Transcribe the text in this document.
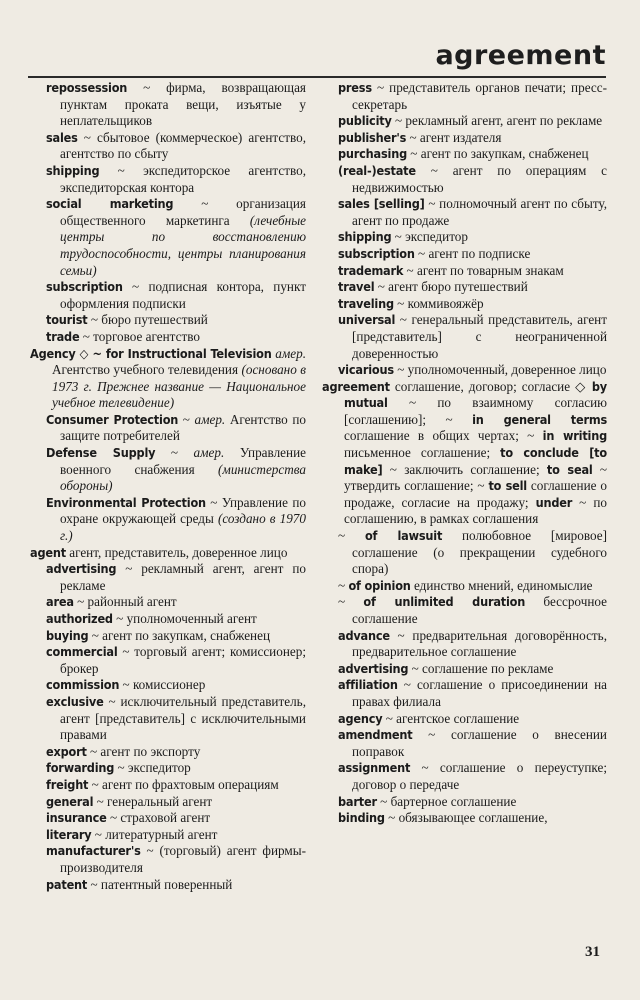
agreement

repossession ~ фирма, возвращающая пунктам проката вещи, изъятые у неплательщиков

sales ~ сбытовое (коммерческое) агентство, агентство по сбыту

shipping ~ экспедиторское агентство, экспедиторская контора

social marketing ~ организация общественного маркетинга (лечебные центры по восстановлению трудоспособности, центры планирования семьи)

subscription ~ подписная контора, пункт оформления подписки

tourist ~ бюро путешествий

trade ~ торговое агентство

Agency ◇ ~ for Instructional Television амер. Агентство учебного телевидения (основано в 1973 г. Прежнее название — Национальное учебное телевидение)

Consumer Protection ~ амер. Агентство по защите потребителей

Defense Supply ~ амер. Управление военного снабжения (министерства обороны)

Environmental Protection ~ Управление по охране окружающей среды (создано в 1970 г.)

agent агент, представитель, доверенное лицо

advertising ~ рекламный агент, агент по рекламе

area ~ районный агент

authorized ~ уполномоченный агент

buying ~ агент по закупкам, снабженец

commercial ~ торговый агент; комиссионер; брокер

commission ~ комиссионер

exclusive ~ исключительный представитель, агент [представитель] с исключительными правами

export ~ агент по экспорту

forwarding ~ экспедитор

freight ~ агент по фрахтовым операциям

general ~ генеральный агент

insurance ~ страховой агент

literary ~ литературный агент

manufacturer's ~ (торговый) агент фирмы-производителя

patent ~ патентный поверенный

press ~ представитель органов печати; пресс-секретарь

publicity ~ рекламный агент, агент по рекламе

publisher's ~ агент издателя

purchasing ~ агент по закупкам, снабженец

(real-)estate ~ агент по операциям с недвижимостью

sales [selling] ~ полномочный агент по сбыту, агент по продаже

shipping ~ экспедитор

subscription ~ агент по подписке

trademark ~ агент по товарным знакам

travel ~ агент бюро путешествий

traveling ~ коммивояжёр

universal ~ генеральный представитель, агент [представитель] с неограниченной доверенностью

vicarious ~ уполномоченный, доверенное лицо

agreement соглашение, договор; согласие ◇ by mutual ~ по взаимному согласию [соглашению]; ~ in general terms соглашение в общих чертах; ~ in writing письменное соглашение; to conclude [to make] ~ заключить соглашение; to seal ~ утвердить соглашение; ~ to sell соглашение о продаже, согласие на продажу; under ~ по соглашению, в рамках соглашения

~ of lawsuit полюбовное [мировое] соглашение (о прекращении судебного спора)

~ of opinion единство мнений, единомыслие

~ of unlimited duration бессрочное соглашение

advance ~ предварительная договорённость, предварительное соглашение

advertising ~ соглашение по рекламе

affiliation ~ соглашение о присоединении на правах филиала

agency ~ агентское соглашение

amendment ~ соглашение о внесении поправок

assignment ~ соглашение о переуступке; договор о передаче

barter ~ бартерное соглашение

binding ~ обязывающее соглашение,

31
